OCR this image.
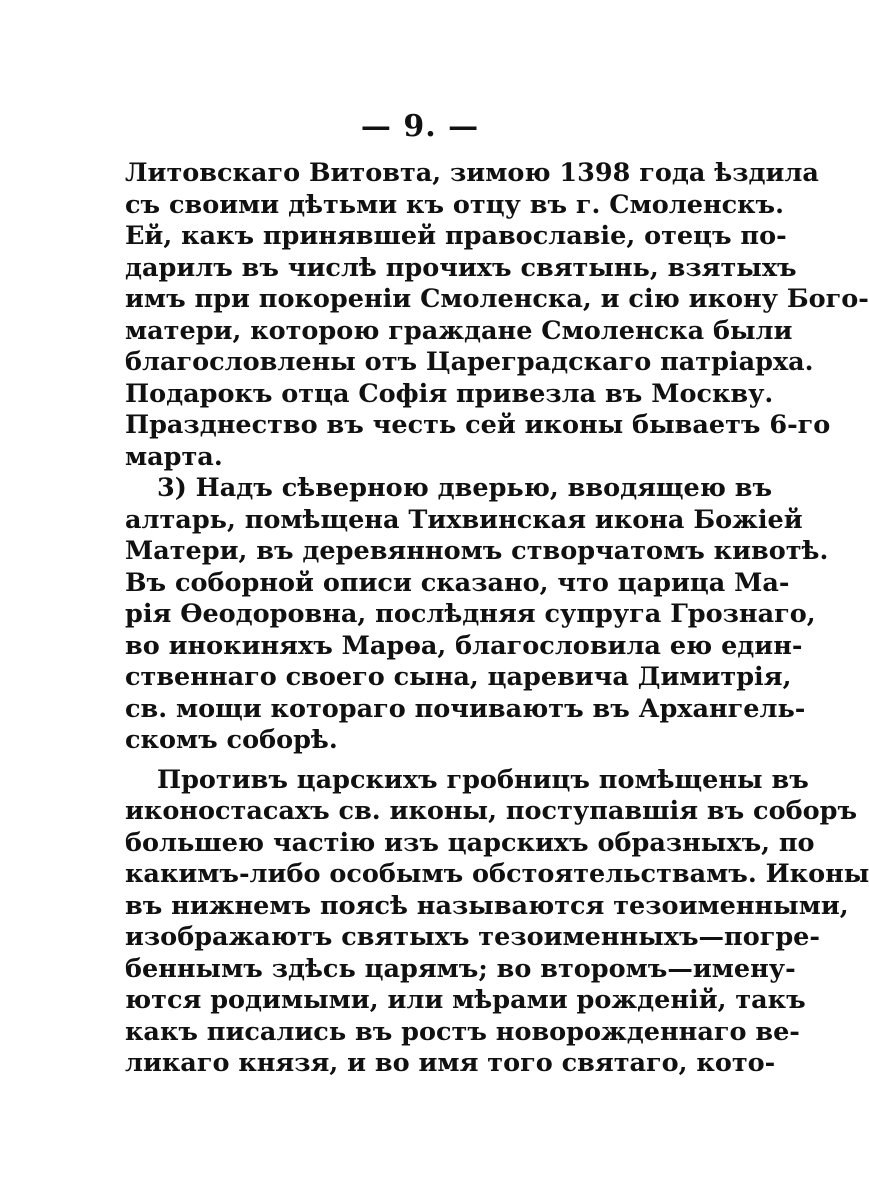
— 9. —
Литовскаго Витовта, зимою 1398 года ѣздила
съ своими дѣтьми къ отцу въ г. Смоленскъ.
Ей, какъ принявшей православіе, отецъ по-
дарилъ въ числѣ прочихъ святынь, взятыхъ
имъ при покореніи Смоленска, и сію икону Бого-
матери, которою граждане Смоленска были
благословлены отъ Цареградскаго патріарха.
Подарокъ отца Софія привезла въ Москву.
Празднество въ честь сей иконы бываетъ 6-го
марта.
3) Надъ сѣверною дверью, вводящею въ
алтарь, помѣщена Тихвинская икона Божіей
Матери, въ деревянномъ створчатомъ кивотѣ.
Въ соборной описи сказано, что царица Ма-
рія Ѳеодоровна, послѣдняя супруга Грознаго,
во инокиняхъ Марѳа, благословила ею един-
ственнаго своего сына, царевича Димитрія,
св. мощи котораго почиваютъ въ Архангель-
скомъ соборѣ.
Противъ царскихъ гробницъ помѣщены въ
иконостасахъ св. иконы, поступавшія въ соборъ
большею частію изъ царскихъ образныхъ, по
какимъ-либо особымъ обстоятельствамъ. Иконы
въ нижнемъ поясѣ называются тезоименными,
изображаютъ святыхъ тезоименныхъ—погре-
беннымъ здѣсь царямъ; во второмъ—имену-
ются родимыми, или мѣрами рожденій, такъ
какъ писались въ ростъ новорожденнаго ве-
ликаго князя, и во имя того святаго, кото-
